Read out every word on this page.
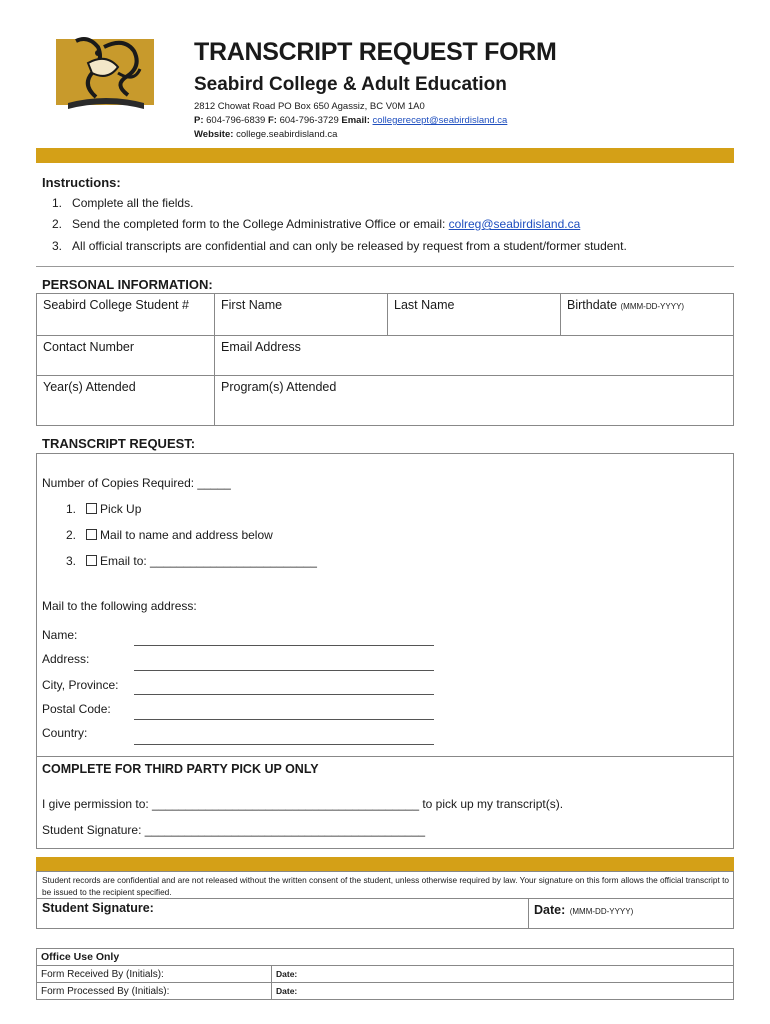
TRANSCRIPT REQUEST FORM
Seabird College & Adult Education
2812 Chowat Road PO Box 650 Agassiz, BC V0M 1A0
P: 604-796-6839 F: 604-796-3729 Email: collegerecept@seabirdisland.ca
Website: college.seabirdisland.ca
Instructions:
1. Complete all the fields.
2. Send the completed form to the College Administrative Office or email: colreg@seabirdisland.ca
3. All official transcripts are confidential and can only be released by request from a student/former student.
PERSONAL INFORMATION:
Seabird College Student #	First Name	Last Name	Birthdate (MMM-DD-YYYY)
Contact Number	Email Address
Year(s) Attended	Program(s) Attended
TRANSCRIPT REQUEST:
Number of Copies Required: _____
1. Pick Up
2. Mail to name and address below
3. Email to: _________________________
Mail to the following address:
Name:
Address:
City, Province:
Postal Code:
Country:
COMPLETE FOR THIRD PARTY PICK UP ONLY
I give permission to: ________________________________________ to pick up my transcript(s).
Student Signature: __________________________________________
Student records are confidential and are not released without the written consent of the student, unless otherwise required by law. Your signature on this form allows the official transcript to be issued to the recipient specified.
Student Signature:	Date: (MMM-DD-YYYY)
Office Use Only	
Form Received By (Initials):	Date:
Form Processed By (Initials):	Date:
